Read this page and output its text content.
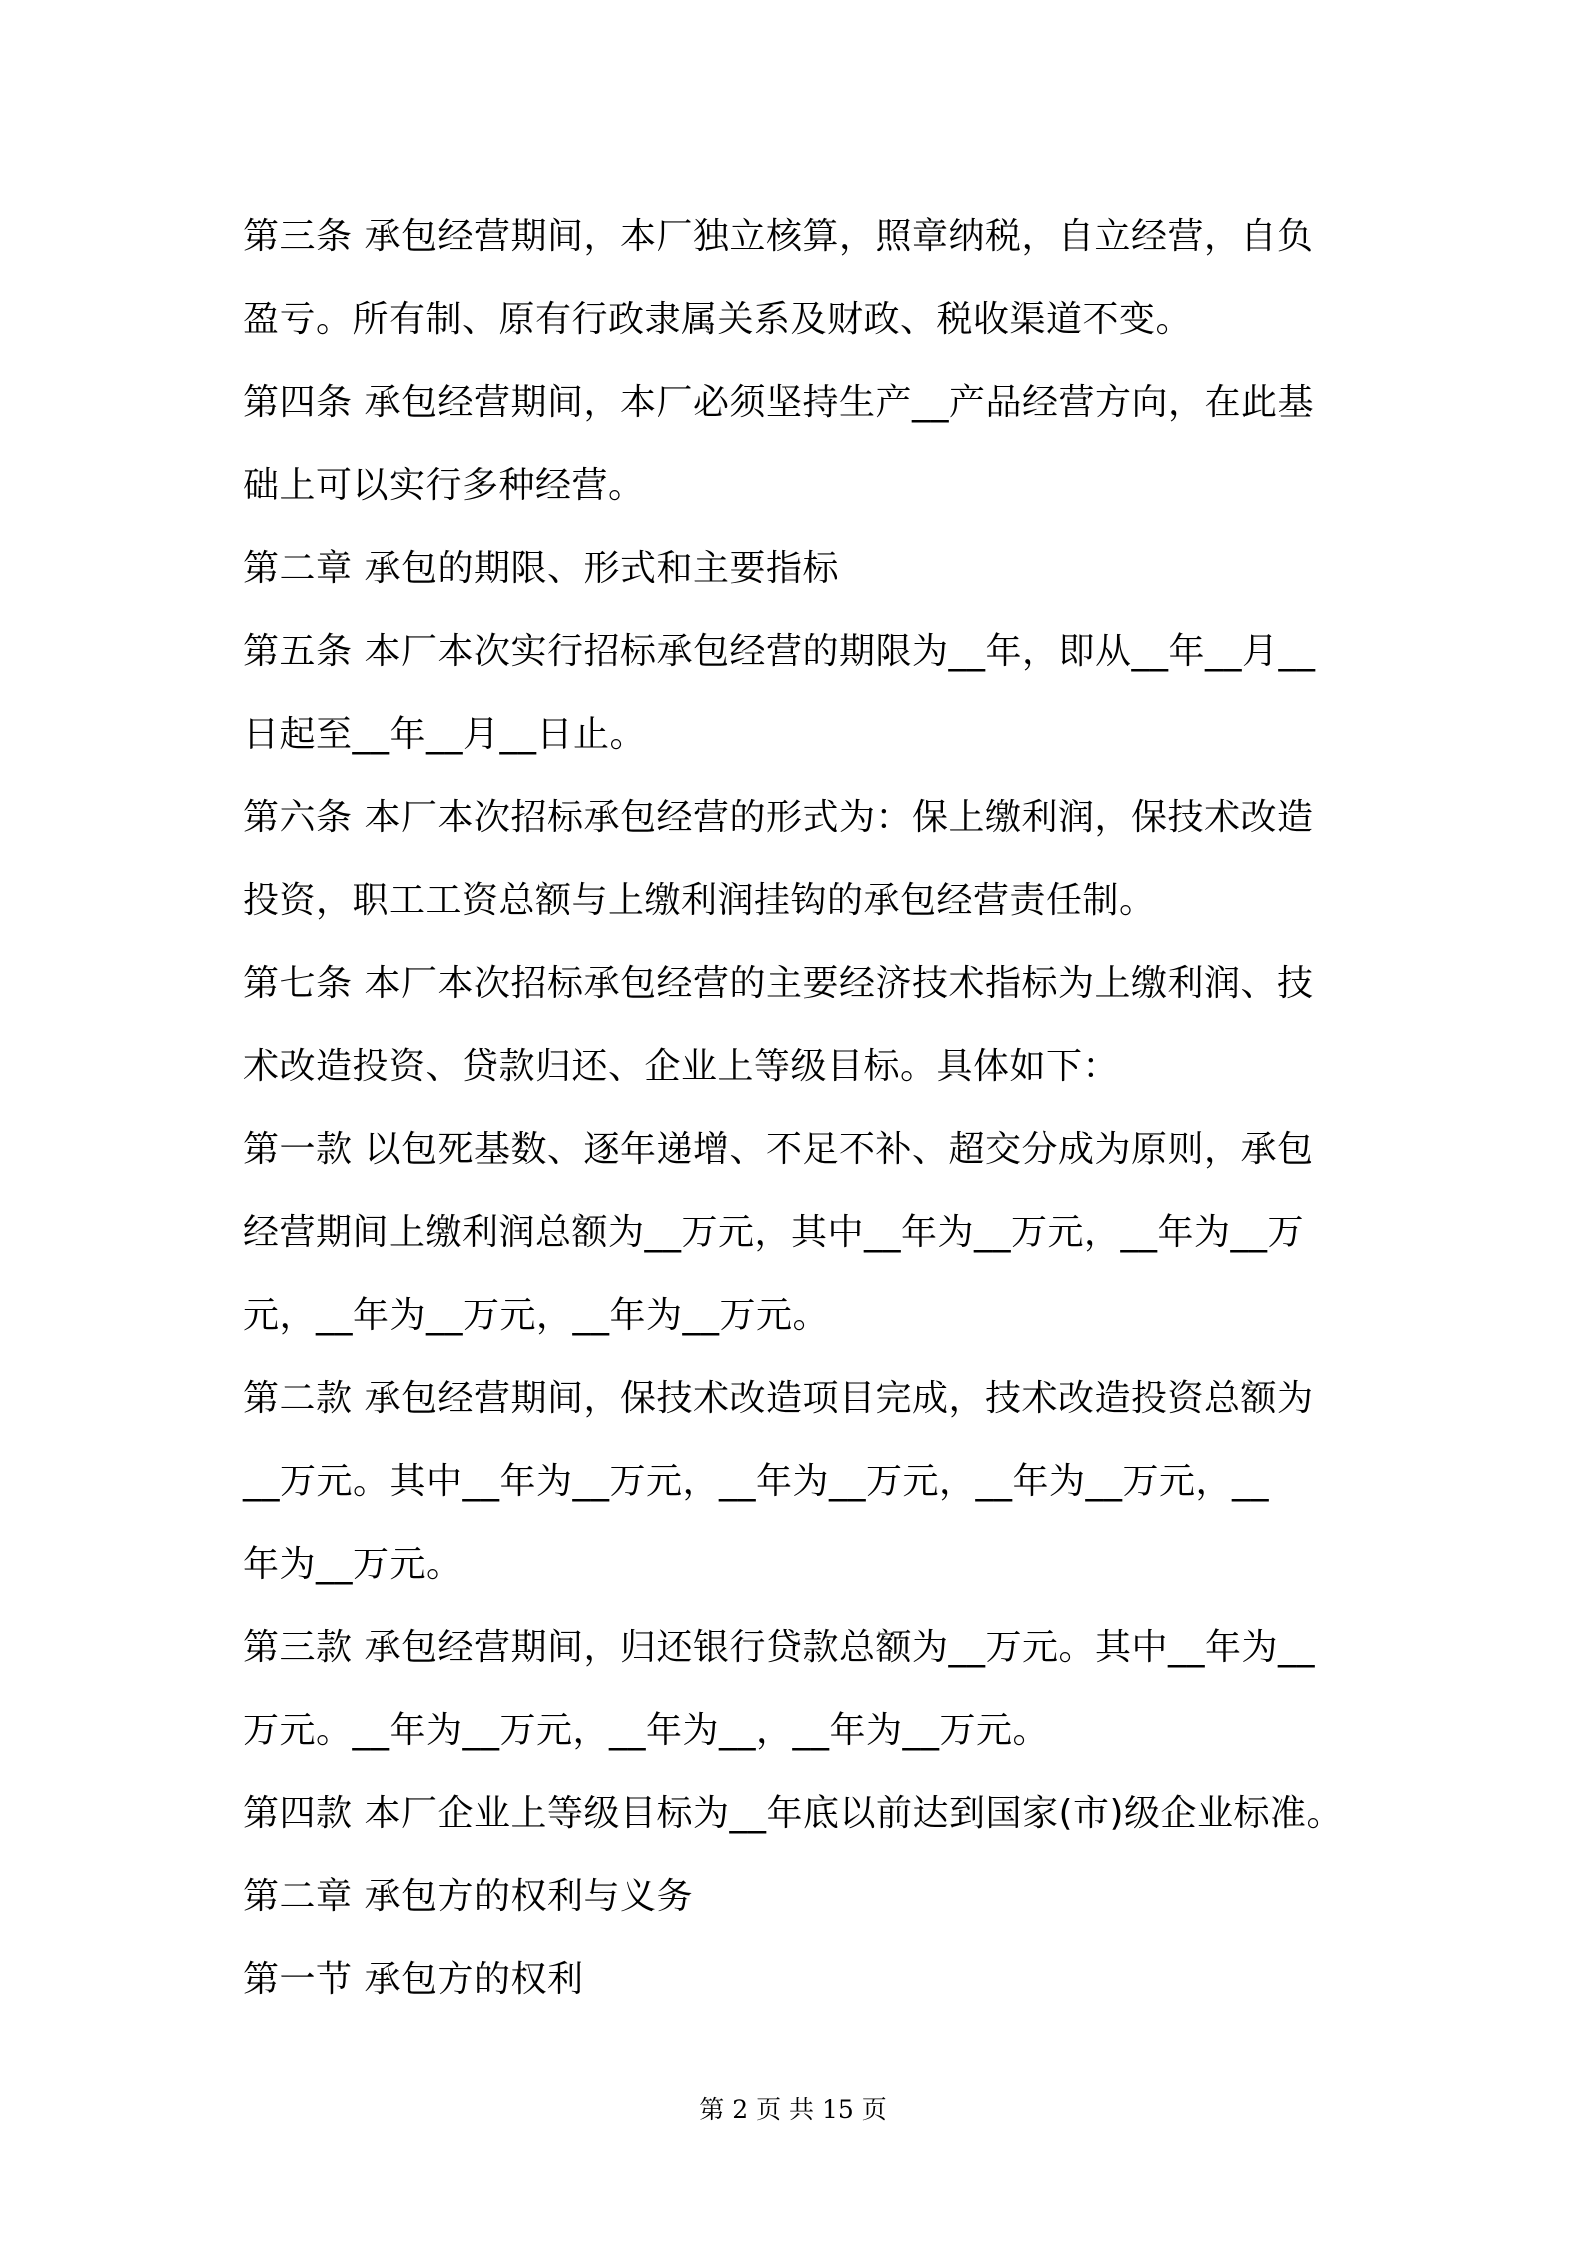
第三条 承包经营期间，本厂独立核算，照章纳税，自立经营，自负
盈亏。所有制、原有行政隶属关系及财政、税收渠道不变。
第四条 承包经营期间，本厂必须坚持生产__产品经营方向，在此基
础上可以实行多种经营。
第二章 承包的期限、形式和主要指标
第五条 本厂本次实行招标承包经营的期限为__年，即从__年__月__
日起至__年__月__日止。
第六条 本厂本次招标承包经营的形式为：保上缴利润，保技术改造
投资，职工工资总额与上缴利润挂钩的承包经营责任制。
第七条 本厂本次招标承包经营的主要经济技术指标为上缴利润、技
术改造投资、贷款归还、企业上等级目标。具体如下：
第一款 以包死基数、逐年递增、不足不补、超交分成为原则，承包
经营期间上缴利润总额为__万元，其中__年为__万元，__年为__万
元，__年为__万元，__年为__万元。
第二款 承包经营期间，保技术改造项目完成，技术改造投资总额为
__万元。其中__年为__万元，__年为__万元，__年为__万元，__
年为__万元。
第三款 承包经营期间，归还银行贷款总额为__万元。其中__年为__
万元。__年为__万元，__年为__，__年为__万元。
第四款 本厂企业上等级目标为__年底以前达到国家(市)级企业标准。
第二章 承包方的权利与义务
第一节 承包方的权利
第 2 页 共 15 页
